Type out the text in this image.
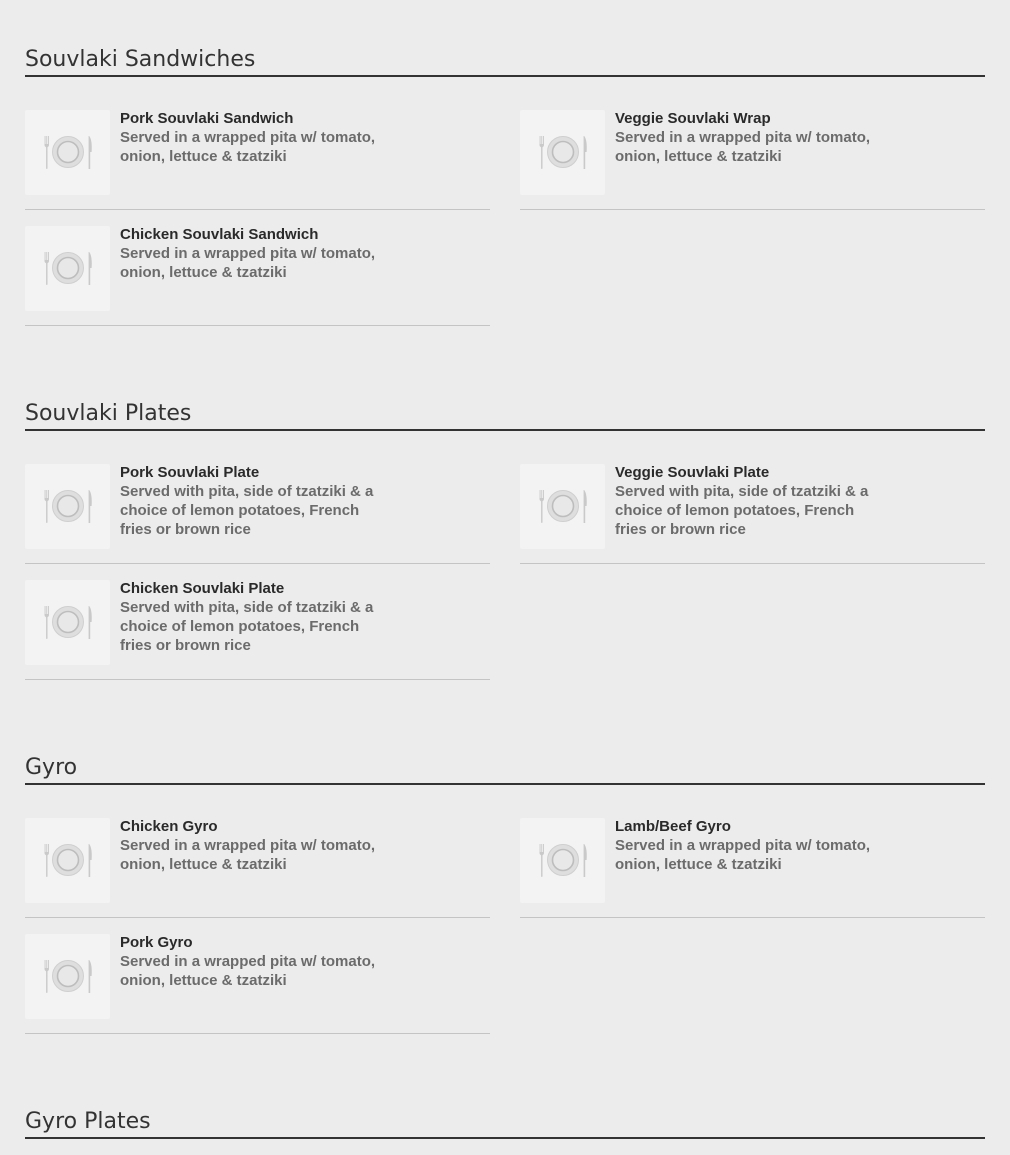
Souvlaki Sandwiches
Pork Souvlaki Sandwich
Served in a wrapped pita w/ tomato, onion, lettuce & tzatziki
Veggie Souvlaki Wrap
Served in a wrapped pita w/ tomato, onion, lettuce & tzatziki
Chicken Souvlaki Sandwich
Served in a wrapped pita w/ tomato, onion, lettuce & tzatziki
Souvlaki Plates
Pork Souvlaki Plate
Served with pita, side of tzatziki & a choice of lemon potatoes, French fries or brown rice
Veggie Souvlaki Plate
Served with pita, side of tzatziki & a choice of lemon potatoes, French fries or brown rice
Chicken Souvlaki Plate
Served with pita, side of tzatziki & a choice of lemon potatoes, French fries or brown rice
Gyro
Chicken Gyro
Served in a wrapped pita w/ tomato, onion, lettuce & tzatziki
Lamb/Beef Gyro
Served in a wrapped pita w/ tomato, onion, lettuce & tzatziki
Pork Gyro
Served in a wrapped pita w/ tomato, onion, lettuce & tzatziki
Gyro Plates
